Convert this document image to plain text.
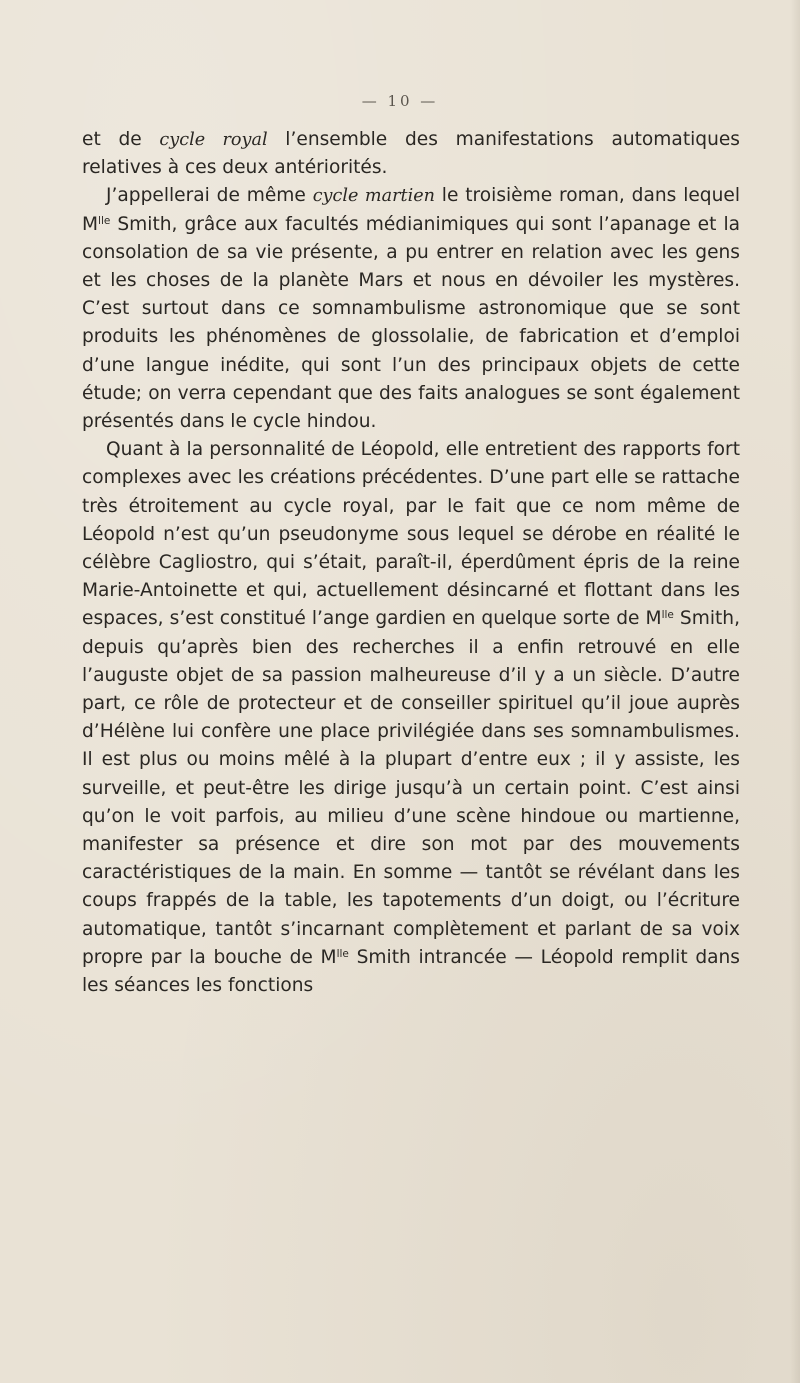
— 10 —

et de cycle royal l’ensemble des manifestations automatiques relatives à ces deux antériorités.

J’appellerai de même cycle martien le troisième roman, dans lequel $M^{lle}$ Smith, grâce aux facultés médianimiques qui sont l’apanage et la consolation de sa vie présente, a pu entrer en relation avec les gens et les choses de la planète Mars et nous en dévoiler les mystères. C’est surtout dans ce somnambulisme astronomique que se sont produits les phénomènes de glossolalie, de fabrication et d’emploi d’une langue inédite, qui sont l’un des principaux objets de cette étude; on verra cependant que des faits analogues se sont également présentés dans le cycle hindou.

Quant à la personnalité de Léopold, elle entretient des rapports fort complexes avec les créations précédentes. D’une part elle se rattache très étroitement au cycle royal, par le fait que ce nom même de Léopold n’est qu’un pseudonyme sous lequel se dérobe en réalité le célèbre Cagliostro, qui s’était, paraît-il, éperdûment épris de la reine Marie-Antoinette et qui, actuellement désincarné et flottant dans les espaces, s’est constitué l’ange gardien en quelque sorte de $M^{lle}$ Smith, depuis qu’après bien des recherches il a enfin retrouvé en elle l’auguste objet de sa passion malheureuse d’il y a un siècle. D’autre part, ce rôle de protecteur et de conseiller spirituel qu’il joue auprès d’Hélène lui confère une place privilégiée dans ses somnambulismes. Il est plus ou moins mêlé à la plupart d’entre eux ; il y assiste, les surveille, et peut-être les dirige jusqu’à un certain point. C’est ainsi qu’on le voit parfois, au milieu d’une scène hindoue ou martienne, manifester sa présence et dire son mot par des mouvements caractéristiques de la main. En somme — tantôt se révélant dans les coups frappés de la table, les tapotements d’un doigt, ou l’écriture automatique, tantôt s’incarnant complètement et parlant de sa voix propre par la bouche de $M^{lle}$ Smith intrancée — Léopold remplit dans les séances les fonctions
